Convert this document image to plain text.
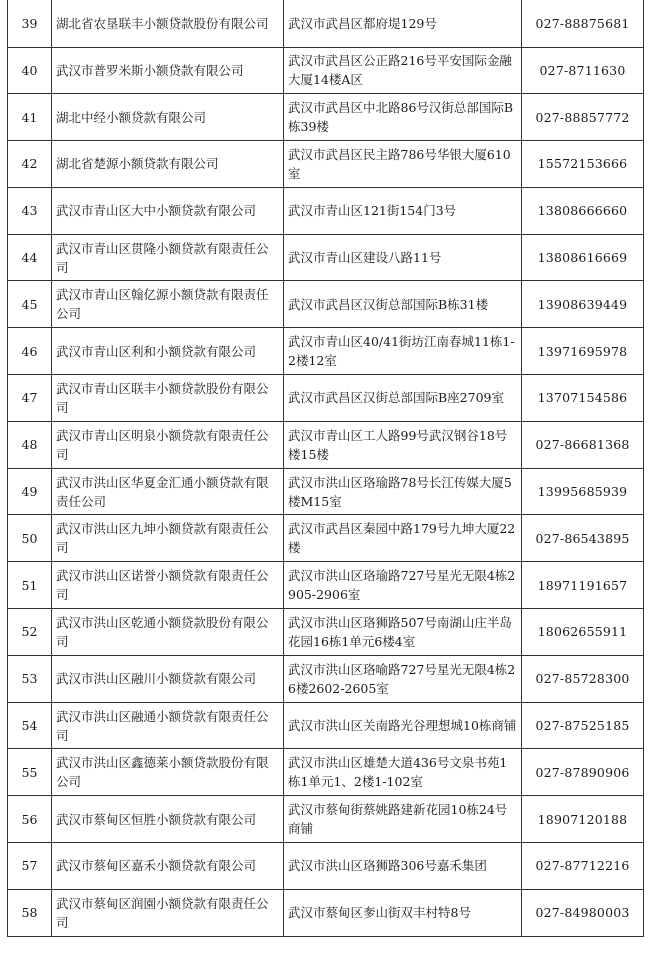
39	湖北省农垦联丰小额贷款股份有限公司	武汉市武昌区都府堤129号	027-88875681
40	武汉市普罗米斯小额贷款有限公司	武汉市武昌区公正路216号平安国际金融大厦14楼A区	027-8711630
41	湖北中经小额贷款有限公司	武汉市武昌区中北路86号汉街总部国际B栋39楼	027-88857772
42	湖北省楚源小额贷款有限公司	武汉市武昌区民主路786号华银大厦610室	15572153666
43	武汉市青山区大中小额贷款有限公司	武汉市青山区121街154门3号	13808666660
44	武汉市青山区贯隆小额贷款有限责任公司	武汉市青山区建设八路11号	13808616669
45	武汉市青山区翰亿源小额贷款有限责任公司	武汉市武昌区汉街总部国际B栋31楼	13908639449
46	武汉市青山区利和小额贷款有限公司	武汉市青山区40/41街坊江南春城11栋1-2楼12室	13971695978
47	武汉市青山区联丰小额贷款股份有限公司	武汉市武昌区汉街总部国际B座2709室	13707154586
48	武汉市青山区明泉小额贷款有限责任公司	武汉市青山区工人路99号武汉钢谷18号楼15楼	027-86681368
49	武汉市洪山区华夏金汇通小额贷款有限责任公司	武汉市洪山区珞瑜路78号长江传媒大厦5楼M15室	13995685939
50	武汉市洪山区九坤小额贷款有限责任公司	武汉市武昌区秦园中路179号九坤大厦22楼	027-86543895
51	武汉市洪山区诺誉小额贷款有限责任公司	武汉市洪山区珞瑜路727号星光无限4栋2905-2906室	18971191657
52	武汉市洪山区乾通小额贷款股份有限公司	武汉市洪山区珞狮路507号南湖山庄半岛花园16栋1单元6楼4室	18062655911
53	武汉市洪山区融川小额贷款有限公司	武汉市洪山区珞喻路727号星光无限4栋26楼2602-2605室	027-85728300
54	武汉市洪山区融通小额贷款有限责任公司	武汉市洪山区关南路光谷理想城10栋商铺	027-87525185
55	武汉市洪山区鑫德莱小额贷款股份有限公司	武汉市洪山区雄楚大道436号文泉书苑1栋1单元1、2楼1-102室	027-87890906
56	武汉市蔡甸区恒胜小额贷款有限公司	武汉市蔡甸街蔡姚路建新花园10栋24号商铺	18907120188
57	武汉市蔡甸区嘉禾小额贷款有限公司	武汉市洪山区珞狮路306号嘉禾集团	027-87712216
58	武汉市蔡甸区润園小额贷款有限责任公司	武汉市蔡甸区奓山街双丰村特8号	027-84980003
